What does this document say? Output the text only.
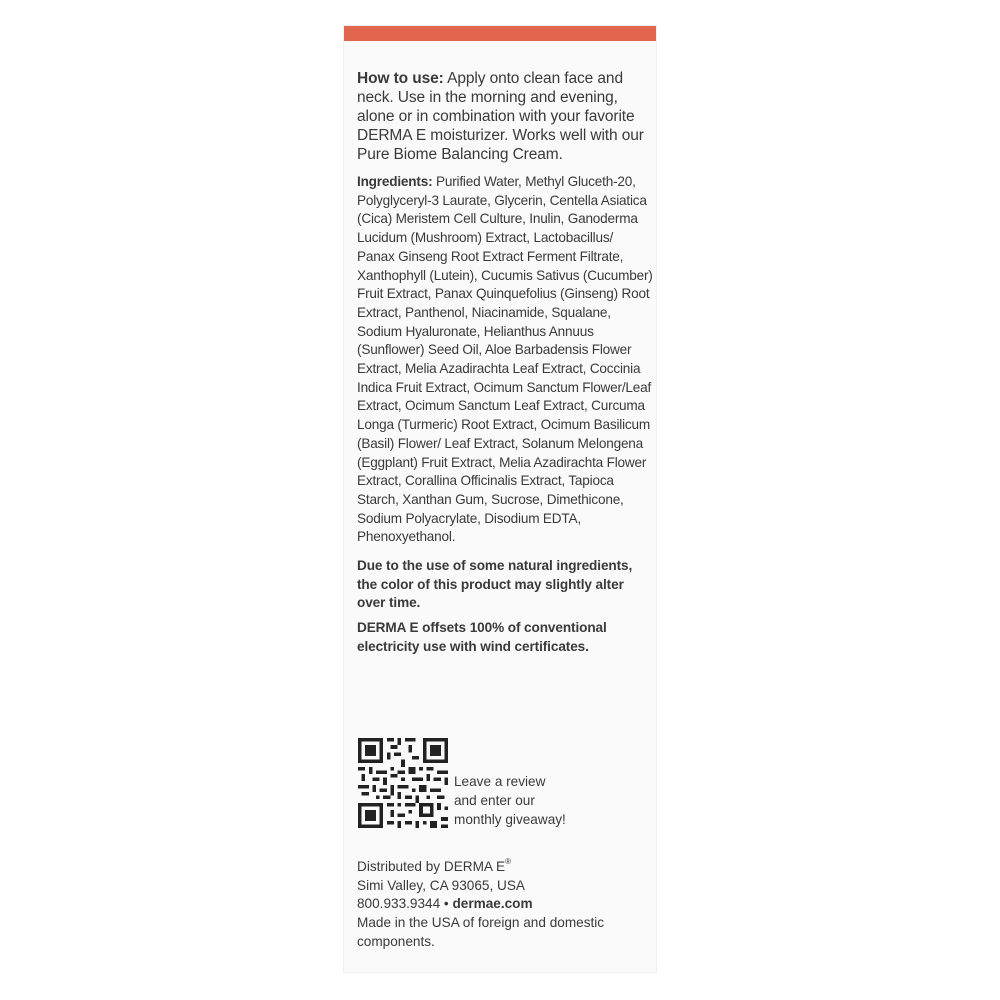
How to use: Apply onto clean face and neck. Use in the morning and evening, alone or in combination with your favorite DERMA E moisturizer. Works well with our Pure Biome Balancing Cream.

Ingredients: Purified Water, Methyl Gluceth-20, Polyglyceryl-3 Laurate, Glycerin, Centella Asiatica (Cica) Meristem Cell Culture, Inulin, Ganoderma Lucidum (Mushroom) Extract, Lactobacillus/ Panax Ginseng Root Extract Ferment Filtrate, Xanthophyll (Lutein), Cucumis Sativus (Cucumber) Fruit Extract, Panax Quinquefolius (Ginseng) Root Extract, Panthenol, Niacinamide, Squalane, Sodium Hyaluronate, Helianthus Annuus (Sunflower) Seed Oil, Aloe Barbadensis Flower Extract, Melia Azadirachta Leaf Extract, Coccinia Indica Fruit Extract, Ocimum Sanctum Flower/Leaf Extract, Ocimum Sanctum Leaf Extract, Curcuma Longa (Turmeric) Root Extract, Ocimum Basilicum (Basil) Flower/ Leaf Extract, Solanum Melongena (Eggplant) Fruit Extract, Melia Azadirachta Flower Extract, Corallina Officinalis Extract, Tapioca Starch, Xanthan Gum, Sucrose, Dimethicone, Sodium Polyacrylate, Disodium EDTA, Phenoxyethanol.

Due to the use of some natural ingredients, the color of this product may slightly alter over time.

DERMA E offsets 100% of conventional electricity use with wind certificates.

Leave a review
and enter our
monthly giveaway!
Distributed by DERMA E®
Simi Valley, CA 93065, USA
800.933.9344 • dermae.com
Made in the USA of foreign and domestic components.
